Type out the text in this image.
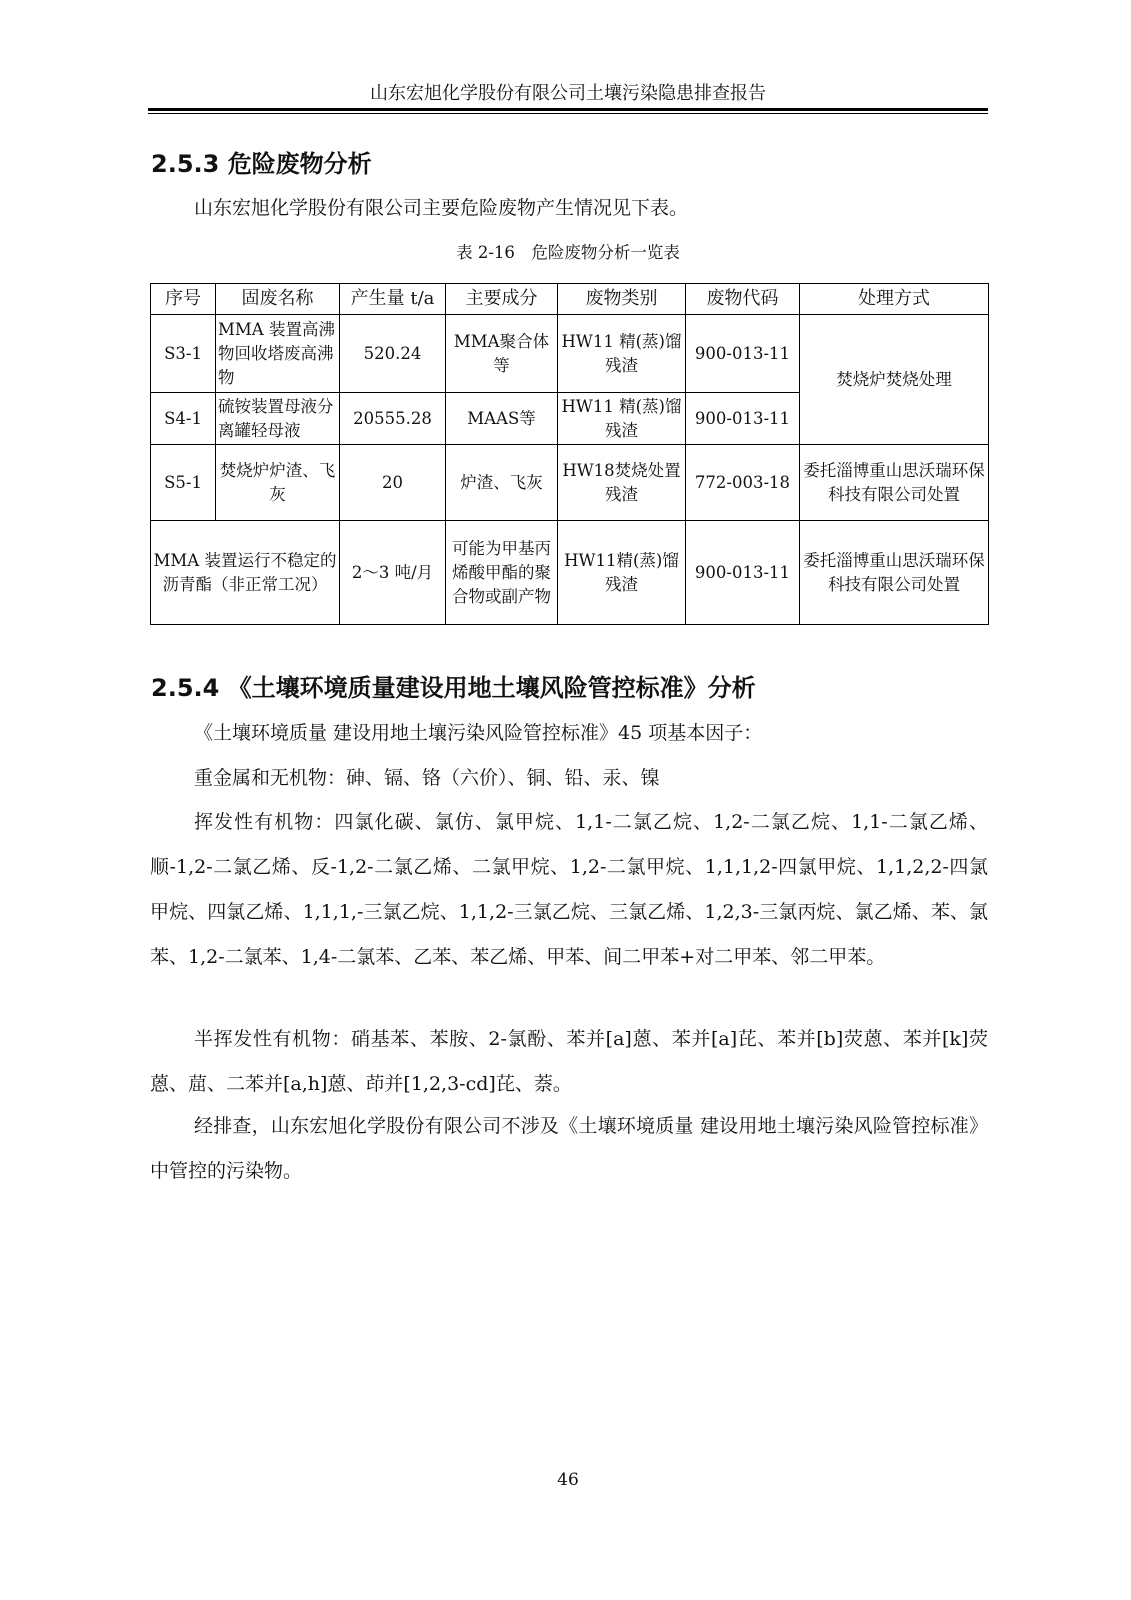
山东宏旭化学股份有限公司土壤污染隐患排查报告
2.5.3 危险废物分析

山东宏旭化学股份有限公司主要危险废物产生情况见下表。

表 2-16　危险废物分析一览表
序号	固废名称	产生量 t/a	主要成分	废物类别	废物代码	处理方式
S3-1	MMA 装置高沸物回收塔废高沸物	520.24	MMA聚合体等	HW11 精(蒸)馏残渣	900-013-11	焚烧炉焚烧处理
S4-1	硫铵装置母液分离罐轻母液	20555.28	MAAS等	HW11 精(蒸)馏残渣	900-013-11	
S5-1	焚烧炉炉渣、飞灰	20	炉渣、飞灰	HW18焚烧处置残渣	772-003-18	委托淄博重山思沃瑞环保科技有限公司处置
MMA 装置运行不稳定的沥青酯（非正常工况）		2～3 吨/月	可能为甲基丙烯酸甲酯的聚合物或副产物	HW11精(蒸)馏残渣	900-013-11	委托淄博重山思沃瑞环保科技有限公司处置
2.5.4 《土壤环境质量建设用地土壤风险管控标准》分析

《土壤环境质量 建设用地土壤污染风险管控标准》45 项基本因子：

重金属和无机物：砷、镉、铬（六价）、铜、铅、汞、镍

挥发性有机物：四氯化碳、氯仿、氯甲烷、1,1-二氯乙烷、1,2-二氯乙烷、1,1-二氯乙烯、顺-1,2-二氯乙烯、反-1,2-二氯乙烯、二氯甲烷、1,2-二氯甲烷、1,1,1,2-四氯甲烷、1,1,2,2-四氯甲烷、四氯乙烯、1,1,1,-三氯乙烷、1,1,2-三氯乙烷、三氯乙烯、1,2,3-三氯丙烷、氯乙烯、苯、氯苯、1,2-二氯苯、1,4-二氯苯、乙苯、苯乙烯、甲苯、间二甲苯+对二甲苯、邻二甲苯。

半挥发性有机物：硝基苯、苯胺、2-氯酚、苯并[a]蒽、苯并[a]芘、苯并[b]荧蒽、苯并[k]荧蒽、䓛、二苯并[a,h]蒽、茚并[1,2,3-cd]芘、萘。

经排查，山东宏旭化学股份有限公司不涉及《土壤环境质量 建设用地土壤污染风险管控标准》中管控的污染物。

46
